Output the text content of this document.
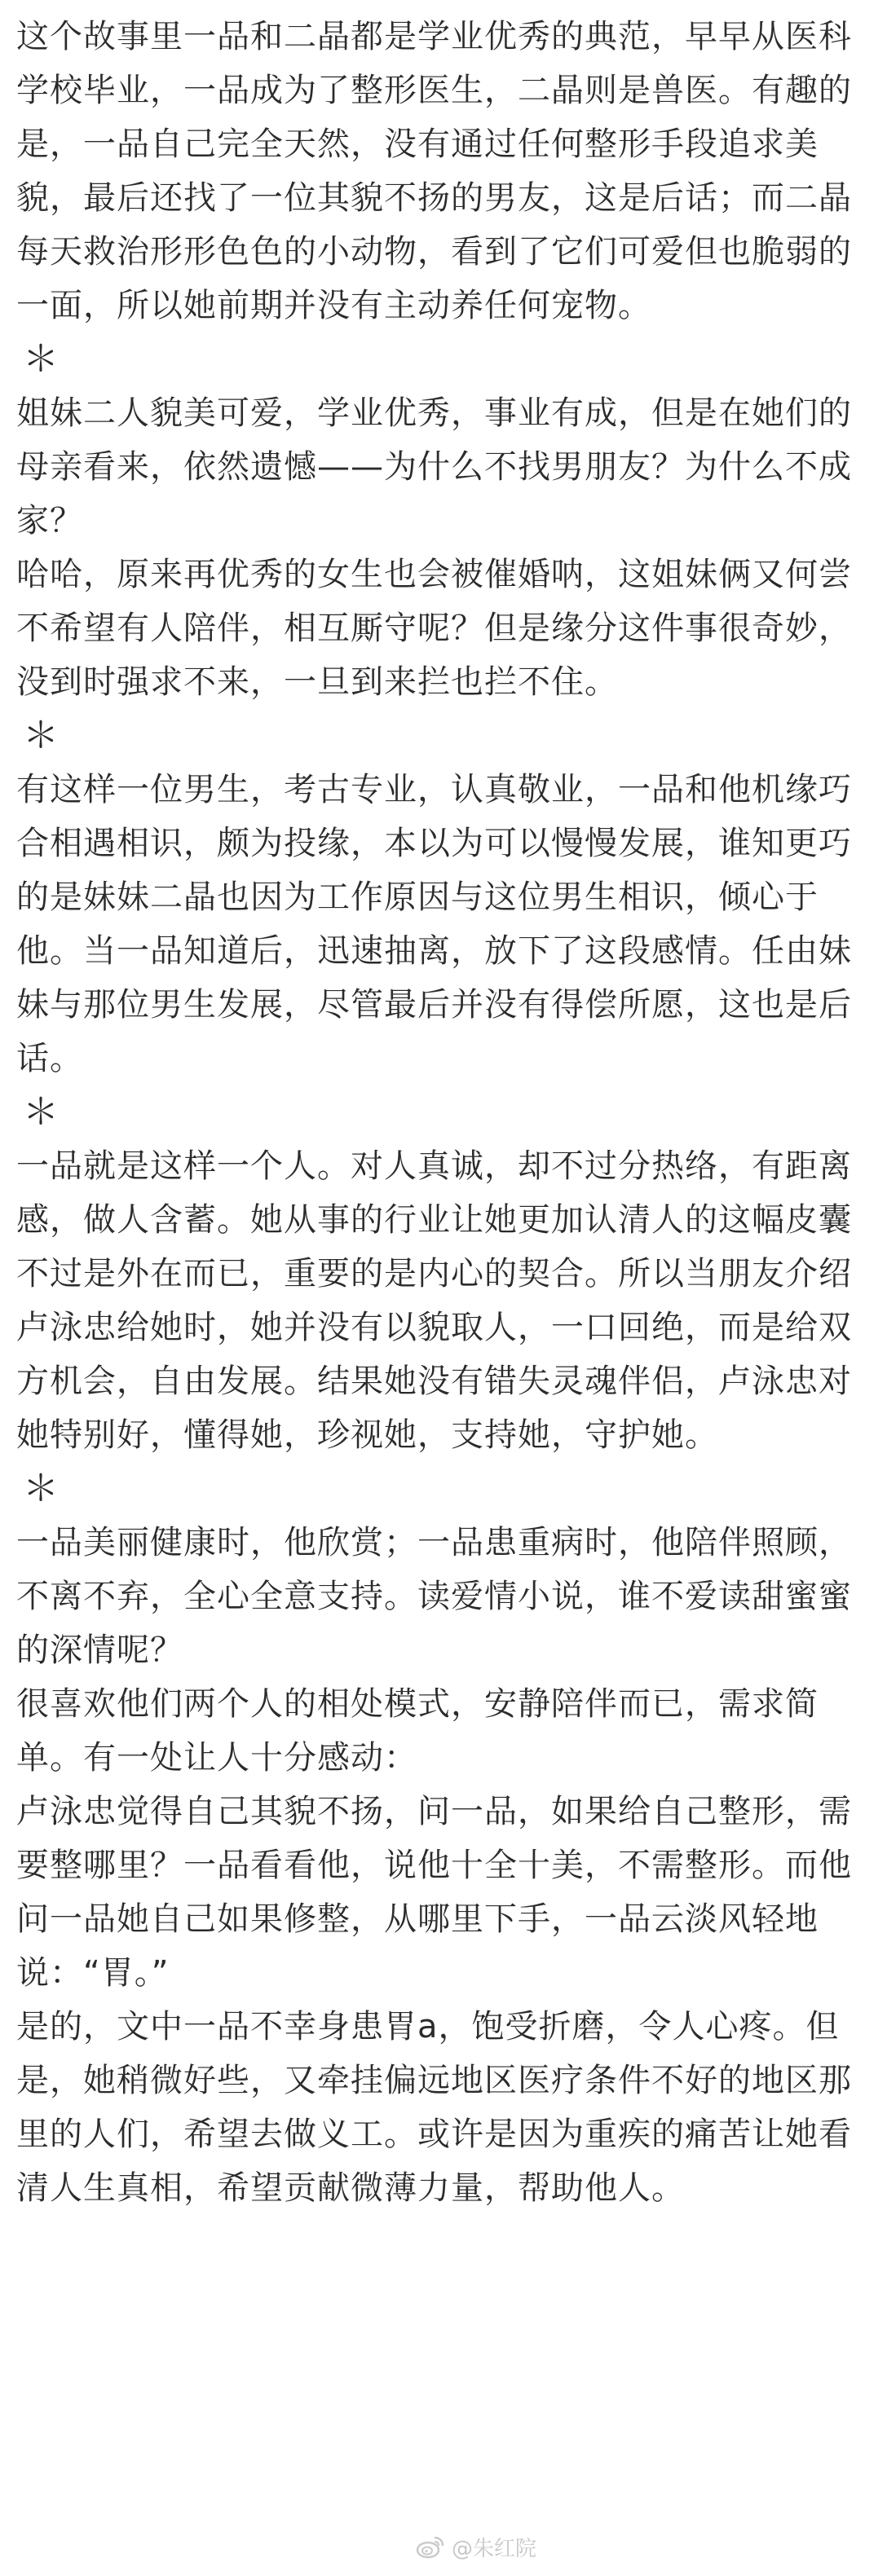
这个故事里一品和二晶都是学业优秀的典范，早早从医科学校毕业，一品成为了整形医生，二晶则是兽医。有趣的是，一品自己完全天然，没有通过任何整形手段追求美貌，最后还找了一位其貌不扬的男友，这是后话；而二晶每天救治形形色色的小动物，看到了它们可爱但也脆弱的一面，所以她前期并没有主动养任何宠物。

＊

姐妹二人貌美可爱，学业优秀，事业有成，但是在她们的母亲看来，依然遗憾——为什么不找男朋友？为什么不成家？

哈哈，原来再优秀的女生也会被催婚呐，这姐妹俩又何尝不希望有人陪伴，相互厮守呢？但是缘分这件事很奇妙，没到时强求不来，一旦到来拦也拦不住。

＊

有这样一位男生，考古专业，认真敬业，一品和他机缘巧合相遇相识，颇为投缘，本以为可以慢慢发展，谁知更巧的是妹妹二晶也因为工作原因与这位男生相识，倾心于他。当一品知道后，迅速抽离，放下了这段感情。任由妹妹与那位男生发展，尽管最后并没有得偿所愿，这也是后话。

＊

一品就是这样一个人。对人真诚，却不过分热络，有距离感，做人含蓄。她从事的行业让她更加认清人的这幅皮囊不过是外在而已，重要的是内心的契合。所以当朋友介绍卢泳忠给她时，她并没有以貌取人，一口回绝，而是给双方机会，自由发展。结果她没有错失灵魂伴侣，卢泳忠对她特别好，懂得她，珍视她，支持她，守护她。

＊

一品美丽健康时，他欣赏；一品患重病时，他陪伴照顾，不离不弃，全心全意支持。读爱情小说，谁不爱读甜蜜蜜的深情呢？

很喜欢他们两个人的相处模式，安静陪伴而已，需求简单。有一处让人十分感动：

卢泳忠觉得自己其貌不扬，问一品，如果给自己整形，需要整哪里？一品看看他，说他十全十美，不需整形。而他问一品她自己如果修整，从哪里下手，一品云淡风轻地说：“胃。”

是的，文中一品不幸身患胃a，饱受折磨，令人心疼。但是，她稍微好些，又牵挂偏远地区医疗条件不好的地区那里的人们，希望去做义工。或许是因为重疾的痛苦让她看清人生真相，希望贡献微薄力量，帮助他人。

@朱红院
